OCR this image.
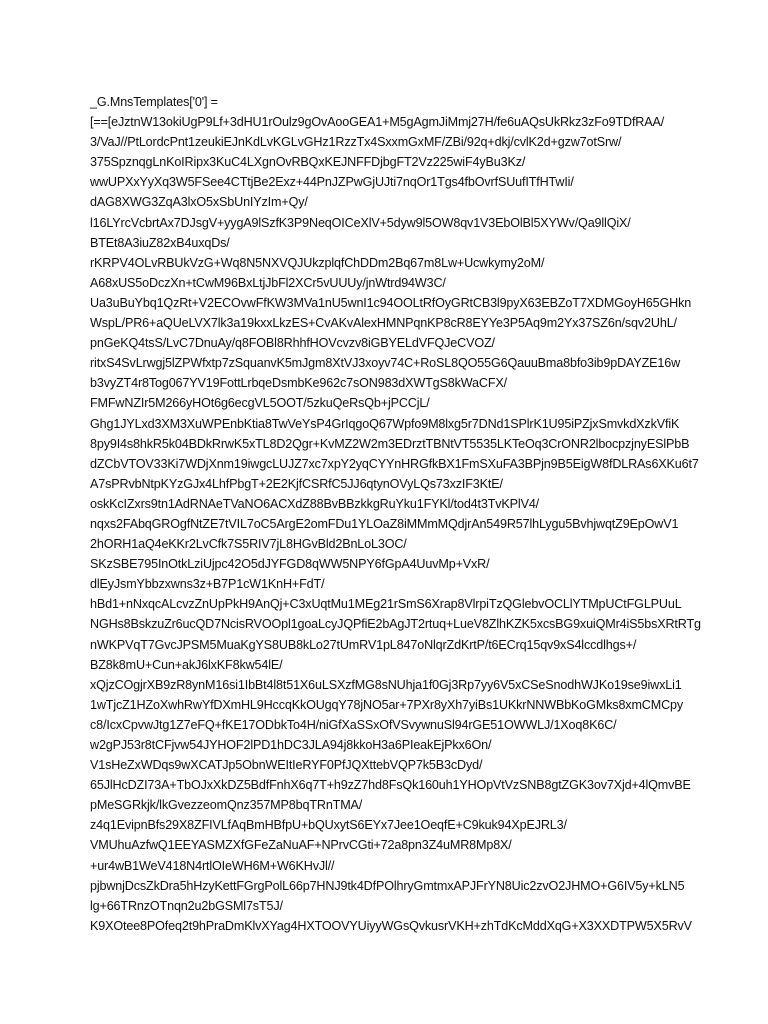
_G.MnsTemplates['0'] =
[==[eJztnW13okiUgP9Lf+3dHU1rOulz9gOvAooGEA1+M5gAgmJiMmj27H/fe6uAQsUkRkz3zFo9TDfRAA/
3/VaJ//PtLordcPnt1zeukiEJnKdLvKGLvGHz1RzzTx4SxxmGxMF/ZBi/92q+dkj/cvlK2d+gzw7otSrw/
375SpznqgLnKoIRipx3KuC4LXgnOvRBQxKEJNFFDjbgFT2Vz225wiF4yBu3Kz/
wwUPXxYyXq3W5FSee4CTtjBe2Exz+44PnJZPwGjUJti7nqOr1Tgs4fbOvrfSUufITfHTwIi/
dAG8XWG3ZqA3lxO5xSbUnIYzIm+Qy/
l16LYrcVcbrtAx7DJsgV+yygA9lSzfK3P9NeqOICeXlV+5dyw9l5OW8qv1V3EbOlBl5XYWv/Qa9llQiX/
BTEt8A3iuZ82xB4uxqDs/
rKRPV4OLvRBUkVzG+Wq8N5NXVQJUkzplqfChDDm2Bq67m8Lw+Ucwkymy2oM/
A68xUS5oDczXn+tCwM96BxLtjJbFl2XCr5vUUUy/jnWtrd94W3C/
Ua3uBuYbq1QzRt+V2ECOvwFfKW3MVa1nU5wnI1c94OOLtRfOyGRtCB3l9pyX63EBZoT7XDMGoyH65GHkn
WspL/PR6+aQUeLVX7lk3a19kxxLkzES+CvAKvAlexHMNPqnKP8cR8EYYe3P5Aq9m2Yx37SZ6n/sqv2UhL/
pnGeKQ4tsS/LvC7DnuAy/q8FOBl8RhhfHOVcvzv8iGBYELdVFQJeCVOZ/
ritxS4SvLrwgj5lZPWfxtp7zSquanvK5mJgm8XtVJ3xoyv74C+RoSL8QO55G6QauuBma8bfo3ib9pDAYZE16w
b3vyZT4r8Tog067YV19FottLrbqeDsmbKe962c7sON983dXWTgS8kWaCFX/
FMFwNZIr5M266yHOt6g6ecgVL5OOT/5zkuQeRsQb+jPCCjL/
Ghg1JYLxd3XM3XuWPEnbKtia8TwVeYsP4GrIqgoQ67Wpfo9M8lxg5r7DNd1SPlrK1U95iPZjxSmvkdXzkVfiK
8py9I4s8hkR5k04BDkRrwK5xTL8D2Qgr+KvMZ2W2m3EDrztTBNtVT5535LKTeOq3CrONR2lbocpzjnyESlPbB
dZCbVTOV33Ki7WDjXnm19iwgcLUJZ7xc7xpY2yqCYYnHRGfkBX1FmSXuFA3BPjn9B5EigW8fDLRAs6XKu6t7
A7sPRvbNtpKYzGJx4LhfPbgT+2E2KjfCSRfC5JJ6qtynOVyLQs73xzIF3KtE/
oskKcIZxrs9tn1AdRNAeTVaNO6ACXdZ88BvBBzkkgRuYku1FYKl/tod4t3TvKPlV4/
nqxs2FAbqGROgfNtZE7tVIL7oC5ArgE2omFDu1YLOaZ8iMMmMQdjrAn549R57lhLygu5BvhjwqtZ9EpOwV1
2hORH1aQ4eKKr2LvCfk7S5RIV7jL8HGvBld2BnLoL3OC/
SKzSBE795InOtkLziUjpc42O5dJYFGD8qWW5NPY6fGpA4UuvMp+VxR/
dlEyJsmYbbzxwns3z+B7P1cW1KnH+FdT/
hBd1+nNxqcALcvzZnUpPkH9AnQj+C3xUqtMu1MEg21rSmS6Xrap8VlrpiTzQGlebvOCLlYTMpUCtFGLPUuL
NGHs8BskzuZr6ucQD7NcisRVOOpl1goaLcyJQPfiE2bAgJT2rtuq+LueV8ZlhKZK5xcsBG9xuiQMr4iS5bsXRtRTg
nWKPVqT7GvcJPSM5MuaKgYS8UB8kLo27tUmRV1pL847oNlqrZdKrtP/t6ECrq15qv9xS4lccdlhgs+/
BZ8k8mU+Cun+akJ6lxKF8kw54lE/
xQjzCOgjrXB9zR8ynM16si1IbBt4l8t51X6uLSXzfMG8sNUhja1f0Gj3Rp7yy6V5xCSeSnodhWJKo19se9iwxLi1
1wTjcZ1HZoXwhRwYfDXmHL9HccqKkOUgqY78jNO5ar+7PXr8yXh7yiBs1UKkrNNWBbKoGMks8xmCMCpy
c8/IcxCpvwJtg1Z7eFQ+fKE17ODbkTo4H/niGfXaSSxOfVSvywnuSl94rGE51OWWLJ/1Xoq8K6C/
w2gPJ53r8tCFjvw54JYHOF2lPD1hDC3JLA94j8kkoH3a6PIeakEjPkx6On/
V1sHeZxWDqs9wXCATJp5ObnWEItIeRYF0PfJQXttebVQP7k5B3cDyd/
65JlHcDZI73A+TbOJxXkDZ5BdfFnhX6q7T+h9zZ7hd8FsQk160uh1YHOpVtVzSNB8gtZGK3ov7Xjd+4lQmvBE
pMeSGRkjk/lkGvezzeomQnz357MP8bqTRnTMA/
z4q1EvipnBfs29X8ZFIVLfAqBmHBfpU+bQUxytS6EYx7Jee1OeqfE+C9kuk94XpEJRL3/
VMUhuAzfwQ1EEYASMZXfGFeZaNuAF+NPrvCGti+72a8pn3Z4uMR8Mp8X/
+ur4wB1WeV418N4rtlOIeWH6M+W6KHvJl//
pjbwnjDcsZkDra5hHzyKettFGrgPolL66p7HNJ9tk4DfPOlhryGmtmxAPJFrYN8Uic2zvO2JHMO+G6IV5y+kLN5
lg+66TRnzOTnqn2u2bGSMl7sT5J/
K9XOtee8POfeq2t9hPraDmKlvXYag4HXTOOVYUiyyWGsQvkusrVKH+zhTdKcMddXqG+X3XXDTPW5X5RvV
